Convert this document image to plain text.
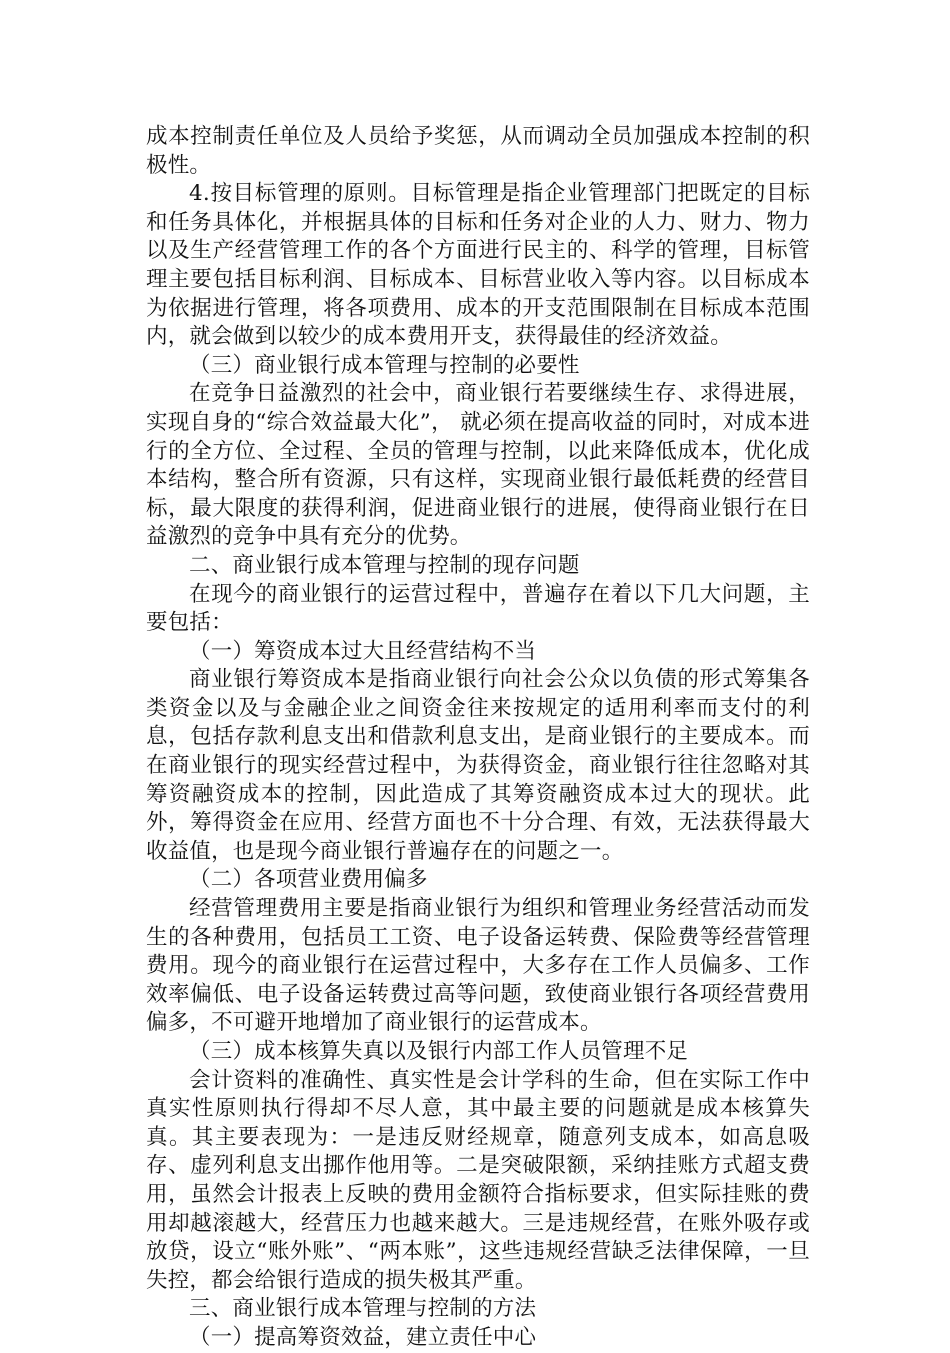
成本控制责任单位及人员给予奖惩，从而调动全员加强成本控制的积极性。

4.按目标管理的原则。目标管理是指企业管理部门把既定的目标和任务具体化，并根据具体的目标和任务对企业的人力、财力、物力以及生产经营管理工作的各个方面进行民主的、科学的管理，目标管理主要包括目标利润、目标成本、目标营业收入等内容。以目标成本为依据进行管理，将各项费用、成本的开支范围限制在目标成本范围内，就会做到以较少的成本费用开支，获得最佳的经济效益。

（三）商业银行成本管理与控制的必要性

在竞争日益激烈的社会中，商业银行若要继续生存、求得进展，实现自身的“综合效益最大化”， 就必须在提高收益的同时，对成本进行的全方位、全过程、全员的管理与控制，以此来降低成本，优化成本结构，整合所有资源，只有这样，实现商业银行最低耗费的经营目标，最大限度的获得利润，促进商业银行的进展，使得商业银行在日益激烈的竞争中具有充分的优势。

二、商业银行成本管理与控制的现存问题

在现今的商业银行的运营过程中，普遍存在着以下几大问题，主要包括：

（一）筹资成本过大且经营结构不当

商业银行筹资成本是指商业银行向社会公众以负债的形式筹集各类资金以及与金融企业之间资金往来按规定的适用利率而支付的利息，包括存款利息支出和借款利息支出，是商业银行的主要成本。而在商业银行的现实经营过程中，为获得资金，商业银行往往忽略对其筹资融资成本的控制，因此造成了其筹资融资成本过大的现状。此外，筹得资金在应用、经营方面也不十分合理、有效，无法获得最大收益值，也是现今商业银行普遍存在的问题之一。

（二）各项营业费用偏多

经营管理费用主要是指商业银行为组织和管理业务经营活动而发生的各种费用，包括员工工资、电子设备运转费、保险费等经营管理费用。现今的商业银行在运营过程中，大多存在工作人员偏多、工作效率偏低、电子设备运转费过高等问题，致使商业银行各项经营费用偏多，不可避开地增加了商业银行的运营成本。

（三）成本核算失真以及银行内部工作人员管理不足

会计资料的准确性、真实性是会计学科的生命，但在实际工作中真实性原则执行得却不尽人意，其中最主要的问题就是成本核算失真。其主要表现为：一是违反财经规章，随意列支成本，如高息吸存、虚列利息支出挪作他用等。二是突破限额，采纳挂账方式超支费用，虽然会计报表上反映的费用金额符合指标要求，但实际挂账的费用却越滚越大，经营压力也越来越大。三是违规经营，在账外吸存或放贷，设立“账外账”、“两本账”，这些违规经营缺乏法律保障，一旦失控，都会给银行造成的损失极其严重。

三、商业银行成本管理与控制的方法

（一）提高筹资效益，建立责任中心
